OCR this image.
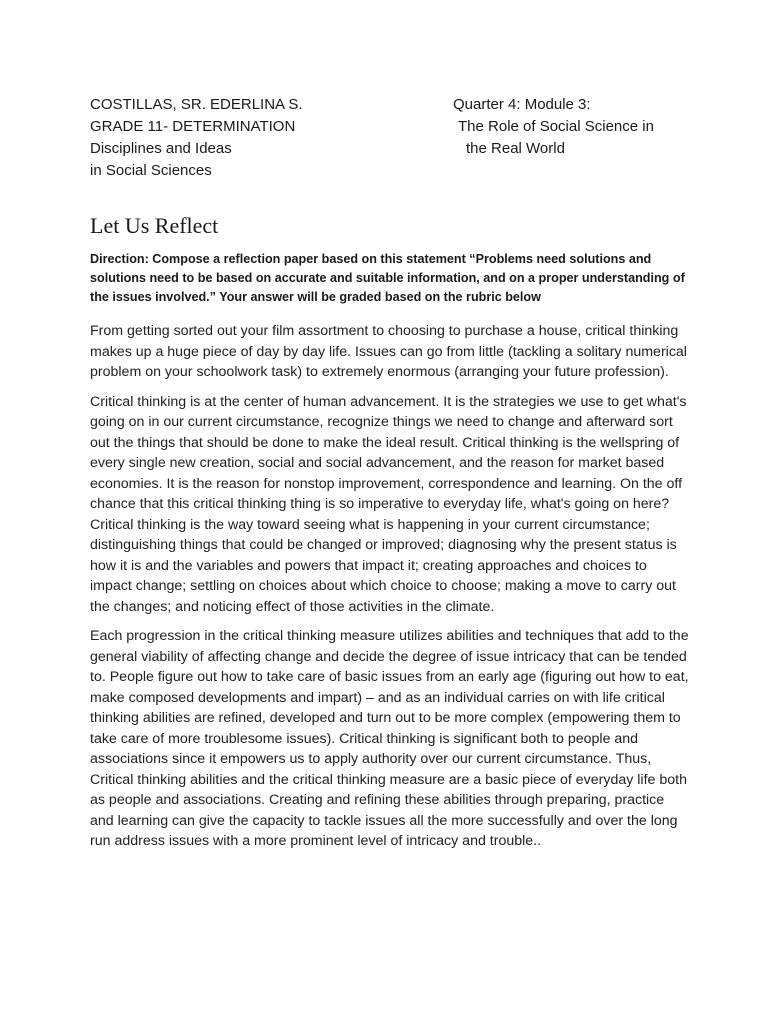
COSTILLAS, SR. EDERLINA S.
GRADE 11- DETERMINATION
Disciplines and Ideas
in Social Sciences
Quarter 4: Module 3:
The Role of Social Science in
the Real World
Let Us Reflect

Direction: Compose a reflection paper based on this statement “Problems need solutions and solutions need to be based on accurate and suitable information, and on a proper understanding of the issues involved.” Your answer will be graded based on the rubric below

From getting sorted out your film assortment to choosing to purchase a house, critical thinking makes up a huge piece of day by day life. Issues can go from little (tackling a solitary numerical problem on your schoolwork task) to extremely enormous (arranging your future profession).

Critical thinking is at the center of human advancement. It is the strategies we use to get what's going on in our current circumstance, recognize things we need to change and afterward sort out the things that should be done to make the ideal result. Critical thinking is the wellspring of every single new creation, social and social advancement, and the reason for market based economies. It is the reason for nonstop improvement, correspondence and learning. On the off chance that this critical thinking thing is so imperative to everyday life, what's going on here? Critical thinking is the way toward seeing what is happening in your current circumstance; distinguishing things that could be changed or improved; diagnosing why the present status is how it is and the variables and powers that impact it; creating approaches and choices to impact change; settling on choices about which choice to choose; making a move to carry out the changes; and noticing effect of those activities in the climate.

Each progression in the critical thinking measure utilizes abilities and techniques that add to the general viability of affecting change and decide the degree of issue intricacy that can be tended to. People figure out how to take care of basic issues from an early age (figuring out how to eat, make composed developments and impart) – and as an individual carries on with life critical thinking abilities are refined, developed and turn out to be more complex (empowering them to take care of more troublesome issues). Critical thinking is significant both to people and associations since it empowers us to apply authority over our current circumstance. Thus, Critical thinking abilities and the critical thinking measure are a basic piece of everyday life both as people and associations. Creating and refining these abilities through preparing, practice and learning can give the capacity to tackle issues all the more successfully and over the long run address issues with a more prominent level of intricacy and trouble..
